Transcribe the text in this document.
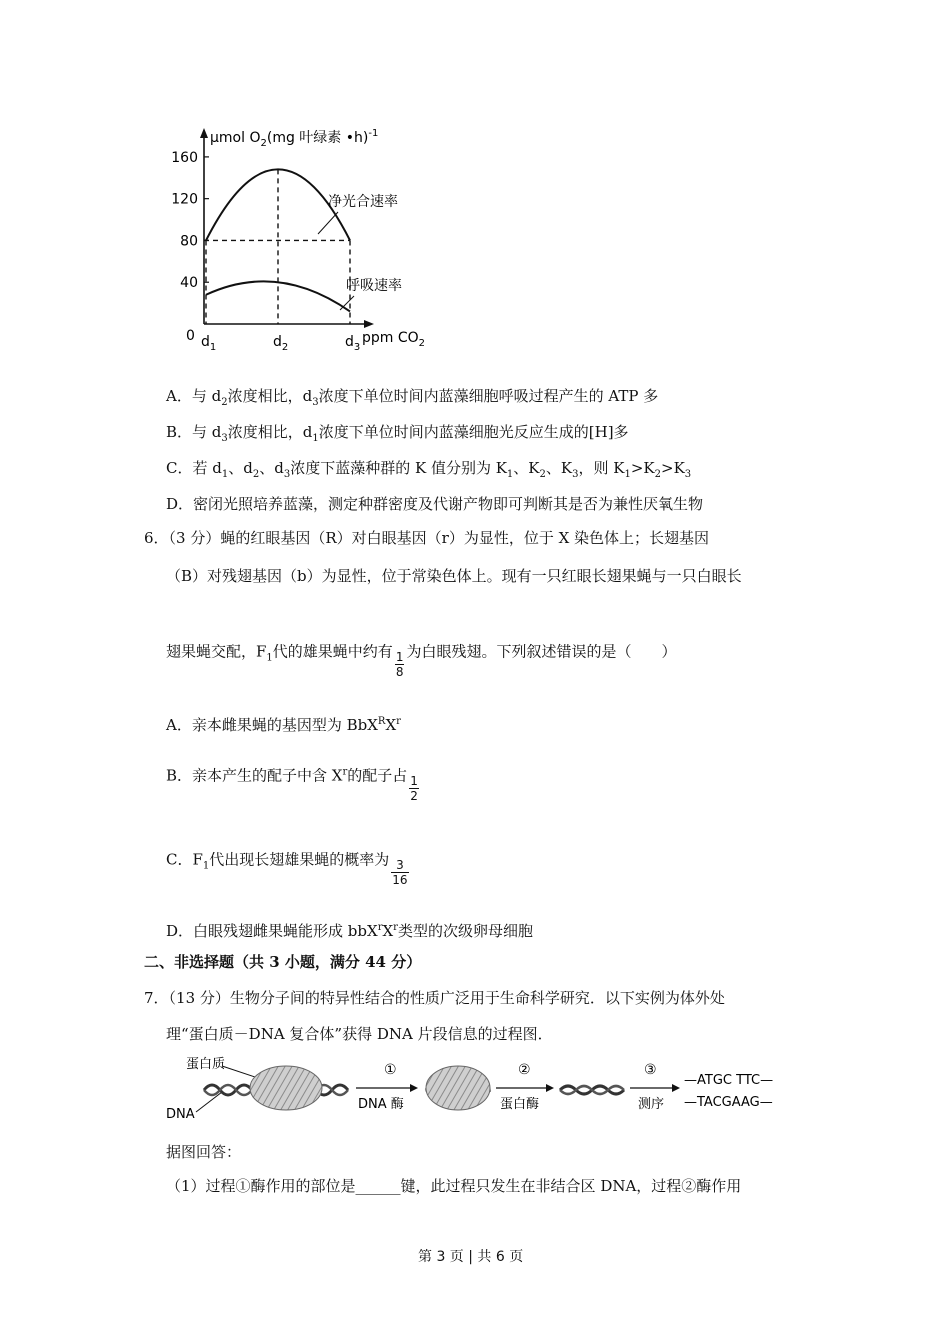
μmol $O_2(mg$ 叶绿素 •h)$^{-1}$
0	ppm $CO_2$
40
80
120
160
$d_1$	$d_2$	$d_3$
净光合速率
呼吸速率
A．与 $d_2$浓度相比，$d_3$浓度下单位时间内蓝藻细胞呼吸过程产生的 ATP 多
B．与 $d_3$浓度相比，$d_1$浓度下单位时间内蓝藻细胞光反应生成的[H]多
C．若 $d_1$、$d_2$、$d_3$浓度下蓝藻种群的 K 值分别为 $K_1$、$K_2$、$K_3$，则 $K_1>K_2>K_3$
D．密闭光照培养蓝藻，测定种群密度及代谢产物即可判断其是否为兼性厌氧生物
6．（3 分）蝇的红眼基因（R）对白眼基因（r）为显性，位于 X 染色体上；长翅基因
（B）对残翅基因（b）为显性，位于常染色体上。现有一只红眼长翅果蝇与一只白眼长
翅果蝇交配，$F_1$代的雄果蝇中约有 $\frac{1}{8}$ 为白眼残翅。下列叙述错误的是（　　）
A．亲本雌果蝇的基因型为 $BbX^RX^r$
B．亲本产生的配子中含 $X^r$的配子占 $\frac{1}{2}$
C．$F_1$代出现长翅雄果蝇的概率为 $\frac{3}{16}$
D．白眼残翅雌果蝇能形成 $bbX^rX^r$类型的次级卵母细胞
二、非选择题（共 3 小题，满分 44 分）
7．（13 分）生物分子间的特异性结合的性质广泛用于生命科学研究．以下实例为体外处
理“蛋白质－DNA 复合体”获得 DNA 片段信息的过程图．
蛋白质
DNA
①
DNA 酶
②
蛋白酶
③
测序
—ATGC TTC—
—TACGAAG—
据图回答：
（1）过程①酶作用的部位是______键，此过程只发生在非结合区 DNA，过程②酶作用
第 3 页 | 共 6 页
